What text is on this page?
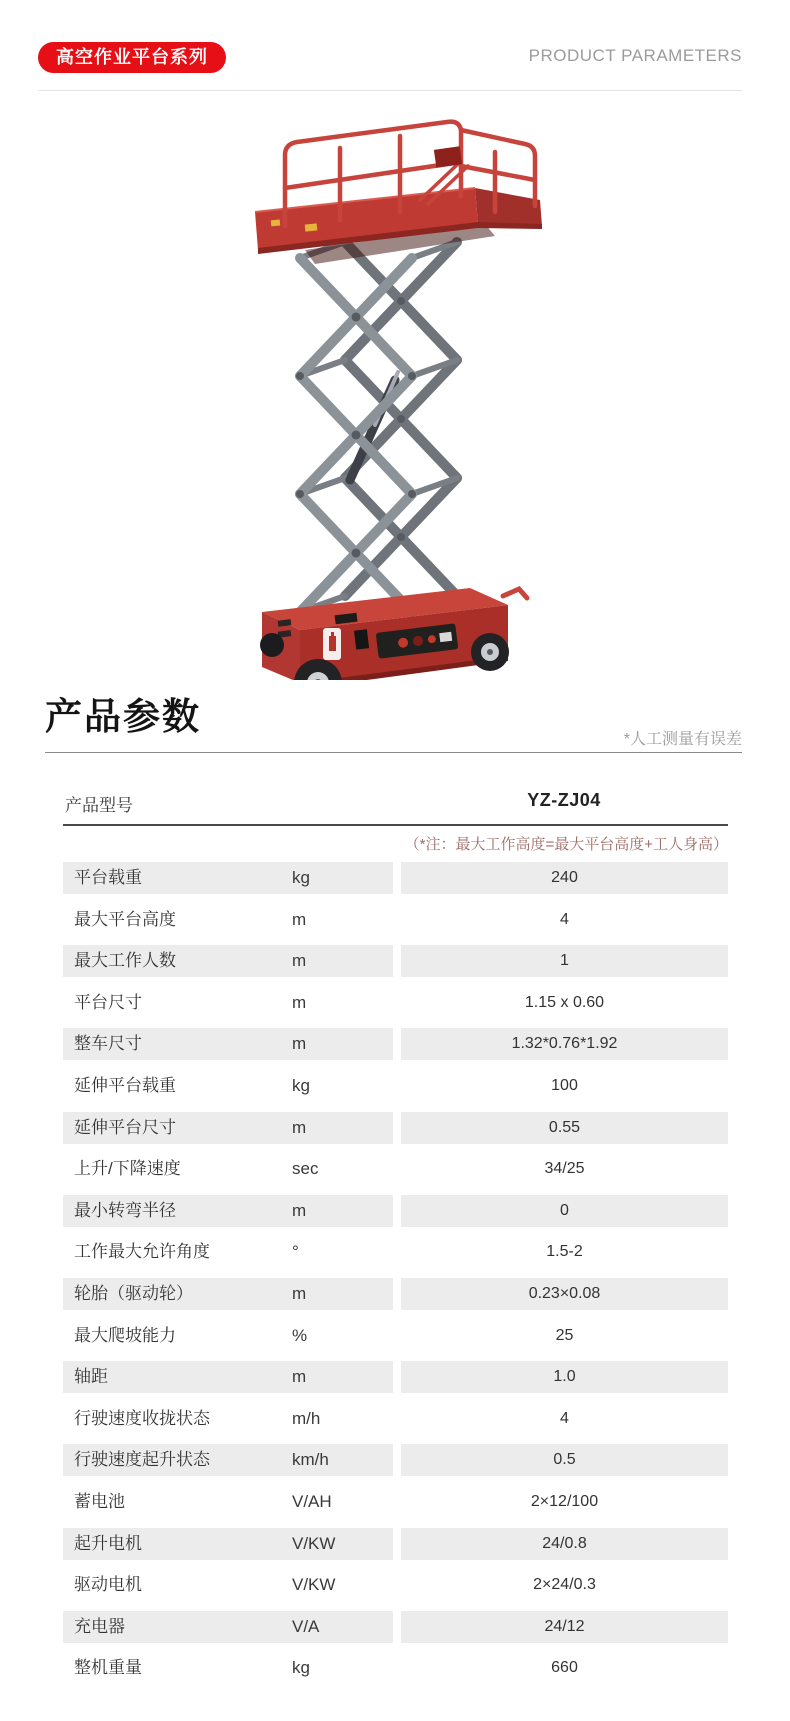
高空作业平台系列	PRODUCT PARAMETERS
产品参数
*人工测量有误差
产品型号	YZ-ZJ04
（*注：最大工作高度=最大平台高度+工人身高）
平台载重	kg	240
最大平台高度	m	4
最大工作人数	m	1
平台尺寸	m	1.15 x 0.60
整车尺寸	m	1.32*0.76*1.92
延伸平台载重	kg	100
延伸平台尺寸	m	0.55
上升/下降速度	sec	34/25
最小转弯半径	m	0
工作最大允许角度	°	1.5-2
轮胎（驱动轮）	m	0.23×0.08
最大爬坡能力	%	25
轴距	m	1.0
行驶速度收拢状态	m/h	4
行驶速度起升状态	km/h	0.5
蓄电池	V/AH	2×12/100
起升电机	V/KW	24/0.8
驱动电机	V/KW	2×24/0.3
充电器	V/A	24/12
整机重量	kg	660
